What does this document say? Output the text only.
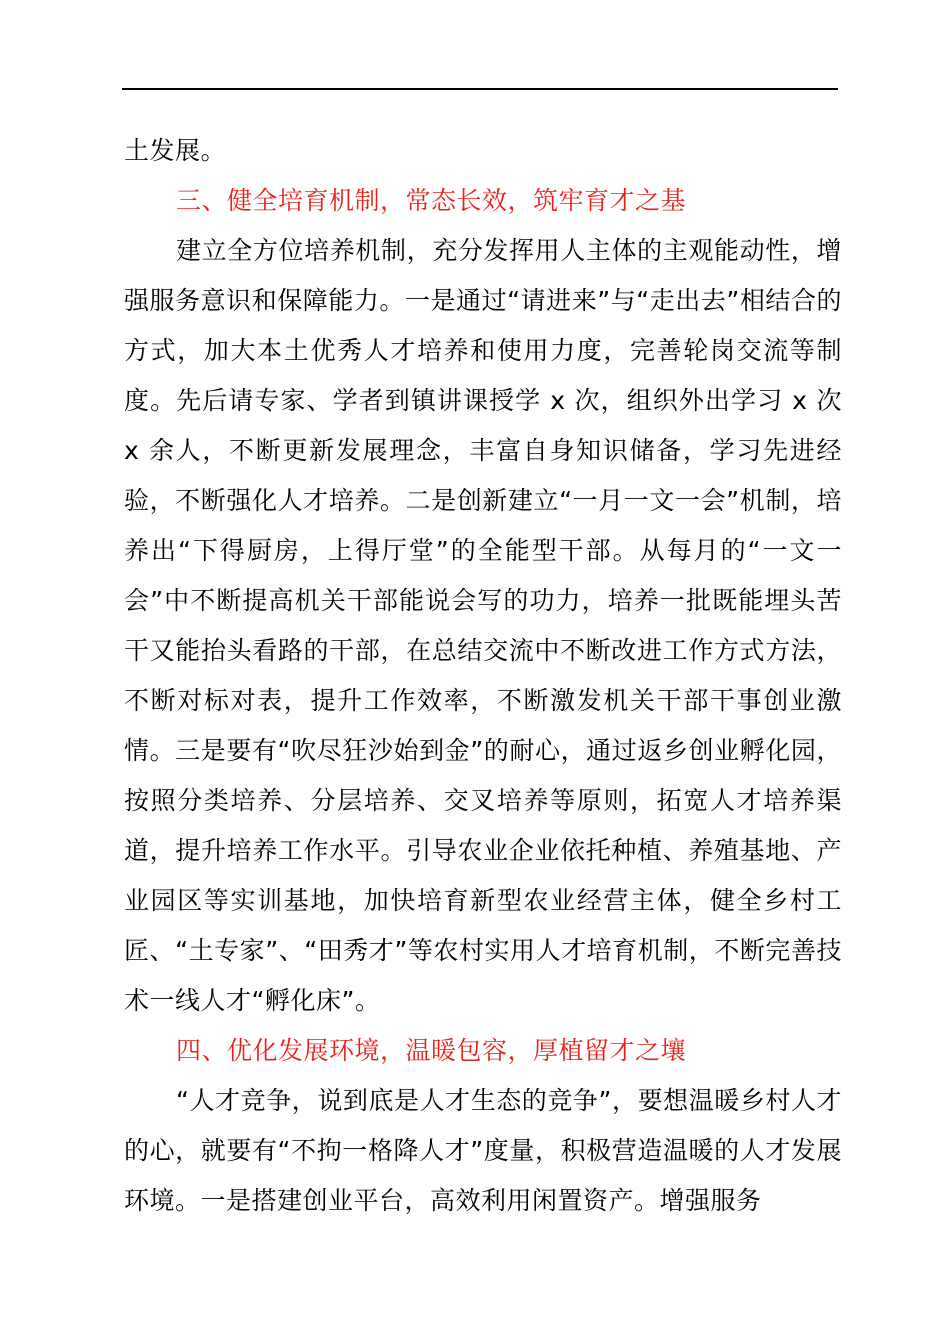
土发展。

三、健全培育机制，常态长效，筑牢育才之基

建立全方位培养机制，充分发挥用人主体的主观能动性，增强服务意识和保障能力。一是通过“请进来”与“走出去”相结合的方式，加大本土优秀人才培养和使用力度，完善轮岗交流等制度。先后请专家、学者到镇讲课授学 x 次，组织外出学习 x 次 x 余人，不断更新发展理念，丰富自身知识储备，学习先进经验，不断强化人才培养。二是创新建立“一月一文一会”机制，培养出“下得厨房，上得厅堂”的全能型干部。从每月的“一文一会”中不断提高机关干部能说会写的功力，培养一批既能埋头苦干又能抬头看路的干部，在总结交流中不断改进工作方式方法，不断对标对表，提升工作效率，不断激发机关干部干事创业激情。三是要有“吹尽狂沙始到金”的耐心，通过返乡创业孵化园，按照分类培养、分层培养、交叉培养等原则，拓宽人才培养渠道，提升培养工作水平。引导农业企业依托种植、养殖基地、产业园区等实训基地，加快培育新型农业经营主体，健全乡村工匠、“土专家”、“田秀才”等农村实用人才培育机制，不断完善技术一线人才“孵化床”。

四、优化发展环境，温暖包容，厚植留才之壤

“人才竞争，说到底是人才生态的竞争”，要想温暖乡村人才的心，就要有“不拘一格降人才”度量，积极营造温暖的人才发展环境。一是搭建创业平台，高效利用闲置资产。增强服务
